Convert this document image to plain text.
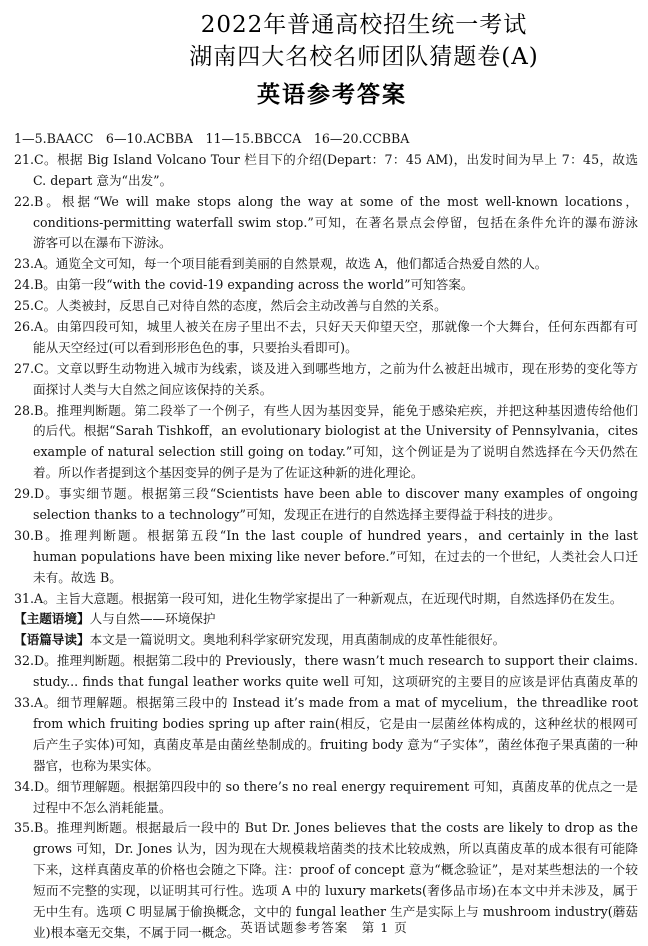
2022年普通高校招生统一考试
湖南四大名校名师团队猜题卷(A)
英语参考答案
1—5.BAACC　6—10.ACBBA　11—15.BBCCA　16—20.CCBBA
21.C。根据 Big Island Volcano Tour 栏目下的介绍(Depart：7：45 AM)，出发时间为早上 7：45，故选
C. depart 意为“出发”。
22.B。根据“We will make stops along the way at some of the most well-known locations，
conditions-permitting waterfall swim stop.”可知，在著名景点会停留，包括在条件允许的瀑布游泳
游客可以在瀑布下游泳。
23.A。通览全文可知，每一个项目能看到美丽的自然景观，故选 A，他们都适合热爱自然的人。
24.B。由第一段“with the covid-19 expanding across the world”可知答案。
25.C。人类被封，反思自己对待自然的态度，然后会主动改善与自然的关系。
26.A。由第四段可知，城里人被关在房子里出不去，只好天天仰望天空，那就像一个大舞台，任何东西都有可
能从天空经过(可以看到形形色色的事，只要抬头看即可)。
27.C。文章以野生动物进入城市为线索，谈及进入到哪些地方，之前为什么被赶出城市，现在形势的变化等方
面探讨人类与大自然之间应该保持的关系。
28.B。推理判断题。第二段举了一个例子，有些人因为基因变异，能免于感染疟疾，并把这种基因遗传给他们
的后代。根据“Sarah Tishkoff，an evolutionary biologist at the University of Pennsylvania，cites
example of natural selection still going on today.”可知，这个例证是为了说明自然选择在今天仍然在
着。所以作者提到这个基因变异的例子是为了佐证这种新的进化理论。
29.D。事实细节题。根据第三段“Scientists have been able to discover many examples of ongoing
selection thanks to a technology”可知，发现正在进行的自然选择主要得益于科技的进步。
30.B。推理判断题。根据第五段“In the last couple of hundred years，and certainly in the last
human populations have been mixing like never before.”可知，在过去的一个世纪，人类社会人口迁
未有。故选 B。
31.A。主旨大意题。根据第一段可知，进化生物学家提出了一种新观点，在近现代时期，自然选择仍在发生。
【主题语境】人与自然——环境保护
【语篇导读】本文是一篇说明文。奥地利科学家研究发现，用真菌制成的皮革性能很好。
32.D。推理判断题。根据第二段中的 Previously，there wasn’t much research to support their claims.
study... finds that fungal leather works quite well 可知，这项研究的主要目的应该是评估真菌皮革的
33.A。细节理解题。根据第三段中的 Instead it’s made from a mat of mycelium，the threadlike root
from which fruiting bodies spring up after rain(相反，它是由一层菌丝体构成的，这种丝状的根网可
后产生子实体)可知，真菌皮革是由菌丝垫制成的。fruiting body 意为“子实体”，菌丝体孢子果真菌的一种
器官，也称为果实体。
34.D。细节理解题。根据第四段中的 so there’s no real energy requirement 可知，真菌皮革的优点之一是
过程中不怎么消耗能量。
35.B。推理判断题。根据最后一段中的 But Dr. Jones believes that the costs are likely to drop as the
grows 可知，Dr. Jones 认为，因为现在大规模栽培菌类的技术比较成熟，所以真菌皮革的成本很有可能降
下来，这样真菌皮革的价格也会随之下降。注：proof of concept 意为“概念验证”，是对某些想法的一个较
短而不完整的实现，以证明其可行性。选项 A 中的 luxury markets(奢侈品市场)在本文中并未涉及，属于
无中生有。选项 C 明显属于偷换概念，文中的 fungal leather 生产是实际上与 mushroom industry(蘑菇
业)根本毫无交集，不属于同一概念。 英语试题参考答案　第 1 页
